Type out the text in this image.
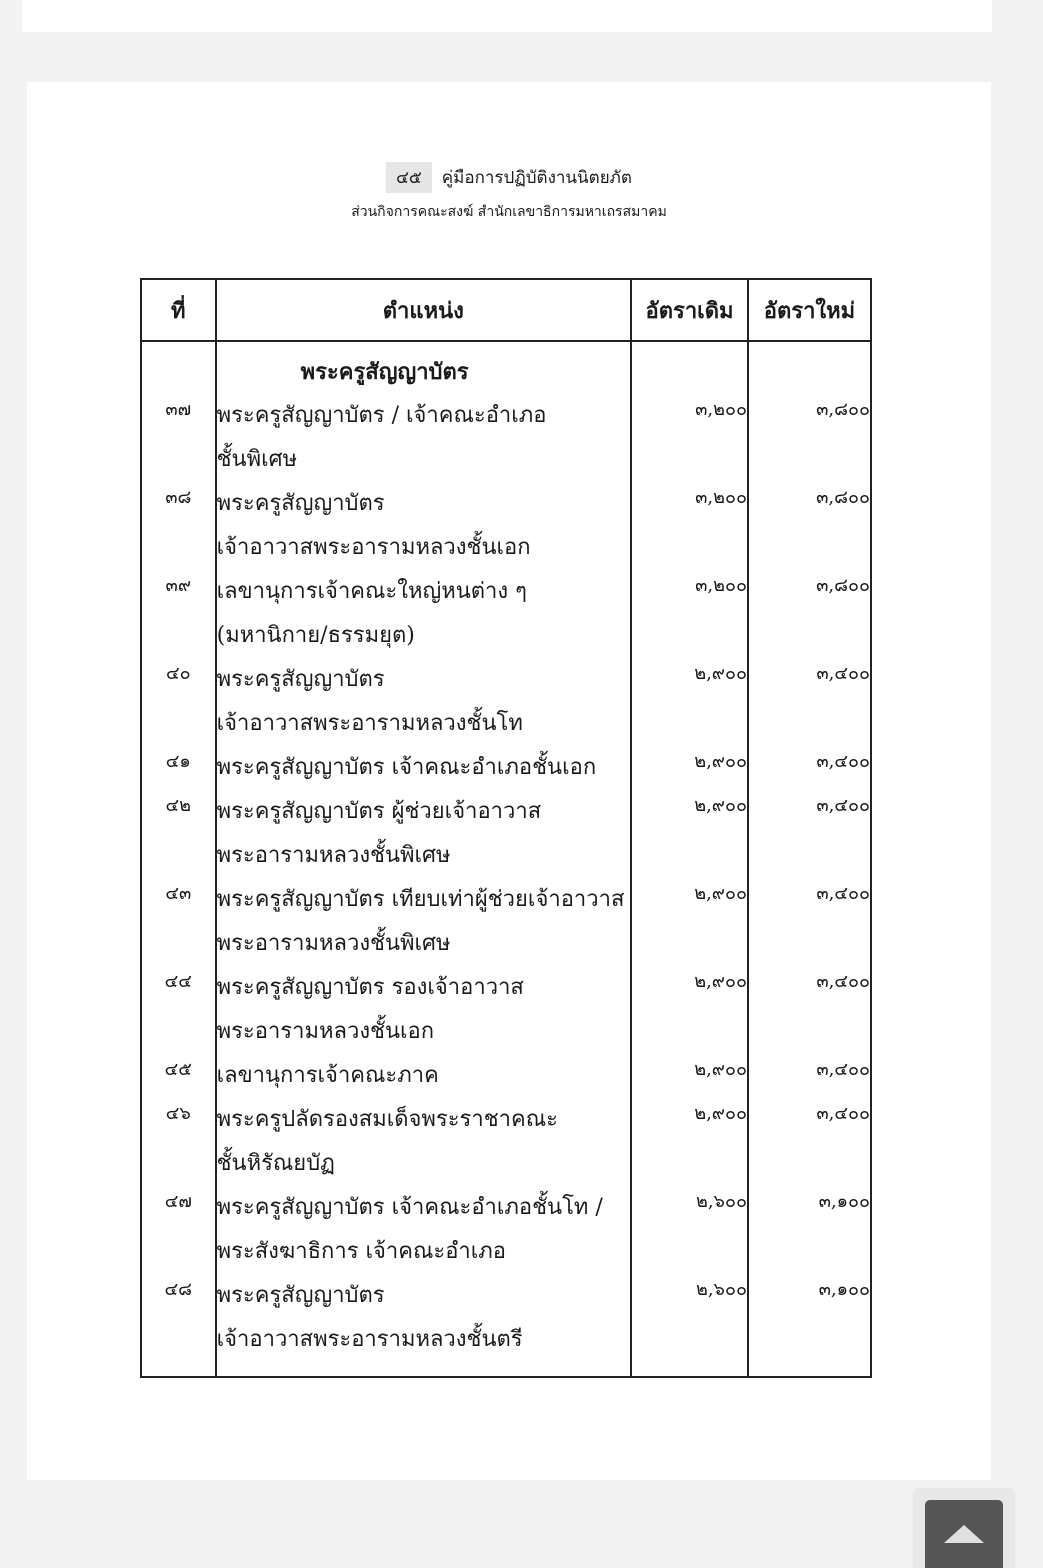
๔๕	คู่มือการปฏิบัติงานนิตยภัต
ส่วนกิจการคณะสงฆ์ สำนักเลขาธิการมหาเถรสมาคม
ที่	ตำแหน่ง	อัตราเดิม	อัตราใหม่
	พระครูสัญญาบัตร		
๓๗	พระครูสัญญาบัตร / เจ้าคณะอำเภอ
ชั้นพิเศษ	๓,๒๐๐	๓,๘๐๐
๓๘	พระครูสัญญาบัตร
เจ้าอาวาสพระอารามหลวงชั้นเอก	๓,๒๐๐	๓,๘๐๐
๓๙	เลขานุการเจ้าคณะใหญ่หนต่าง ๆ
(มหานิกาย/ธรรมยุต)	๓,๒๐๐	๓,๘๐๐
๔๐	พระครูสัญญาบัตร
เจ้าอาวาสพระอารามหลวงชั้นโท	๒,๙๐๐	๓,๔๐๐
๔๑	พระครูสัญญาบัตร เจ้าคณะอำเภอชั้นเอก	๒,๙๐๐	๓,๔๐๐
๔๒	พระครูสัญญาบัตร ผู้ช่วยเจ้าอาวาส
พระอารามหลวงชั้นพิเศษ	๒,๙๐๐	๓,๔๐๐
๔๓	พระครูสัญญาบัตร เทียบเท่าผู้ช่วยเจ้าอาวาส
พระอารามหลวงชั้นพิเศษ	๒,๙๐๐	๓,๔๐๐
๔๔	พระครูสัญญาบัตร รองเจ้าอาวาส
พระอารามหลวงชั้นเอก	๒,๙๐๐	๓,๔๐๐
๔๕	เลขานุการเจ้าคณะภาค	๒,๙๐๐	๓,๔๐๐
๔๖	พระครูปลัดรองสมเด็จพระราชาคณะ
ชั้นหิรัณยบัฏ	๒,๙๐๐	๓,๔๐๐
๔๗	พระครูสัญญาบัตร เจ้าคณะอำเภอชั้นโท /
พระสังฆาธิการ เจ้าคณะอำเภอ	๒,๖๐๐	๓,๑๐๐
๔๘	พระครูสัญญาบัตร
เจ้าอาวาสพระอารามหลวงชั้นตรี	๒,๖๐๐	๓,๑๐๐
